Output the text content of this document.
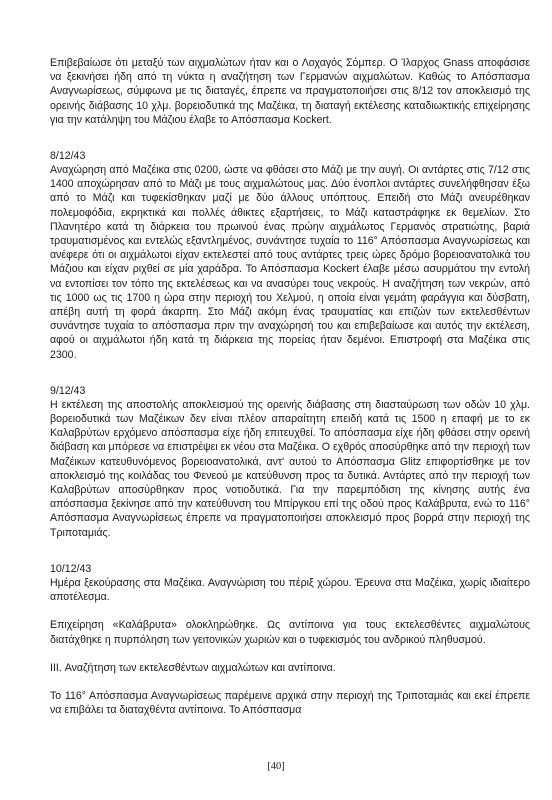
Επιβεβαίωσε ότι μεταξύ των αιχμαλώτων ήταν και ο Λοχαγός Σόμπερ. Ο Ίλαρχος Gnass αποφάσισε να ξεκινήσει ήδη από τη νύκτα η αναζήτηση των Γερμανών αιχμαλώτων. Καθώς το Απόσπασμα Αναγνωρίσεως, σύμφωνα με τις διαταγές, έπρεπε να πραγματοποιήσει στις 8/12 τον αποκλεισμό της ορεινής διάβασης 10 χλμ. βορειοδυτικά της Μαζέικα, τη διαταγή εκτέλεσης καταδιωκτικής επιχείρησης για την κατάληψη του Μάζιου έλαβε το Απόσπασμα Kockert.

8/12/43

Αναχώρηση από Μαζέικα στις 0200, ώστε να φθάσει στο Μάζι με την αυγή. Οι αντάρτες στις 7/12 στις 1400 αποχώρησαν από το Μάζι με τους αιχμαλώτους μας. Δύο ένοπλοι αντάρτες συνελήφθησαν έξω από το Μάζι και τυφεκίσθηκαν μαζί με δύο άλλους υπόπτους. Επειδή στο Μάζι ανευρέθηκαν πολεμοφόδια, εκρηκτικά και πολλές άθικτες εξαρτήσεις, το Μάζι καταστράφηκε εκ θεμελίων. Στο Πλανητέρο κατά τη διάρκεια του πρωινού ένας πρώην αιχμάλωτος Γερμανός στρατιώτης, βαριά τραυματισμένος και εντελώς εξαντλημένος, συνάντησε τυχαία το 116° Απόσπασμα Αναγνωρίσεως και ανέφερε ότι οι αιχμάλωτοι είχαν εκτελεστεί από τους αντάρτες τρεις ώρες δρόμο βορειοανατολικά του Μάζιου και είχαν ριχθεί σε μία χαράδρα. Το Απόσπασμα Kockert έλαβε μέσω ασυρμάτου την εντολή να εντοπίσει τον τόπο της εκτελέσεως και να ανασύρει τους νεκρούς. Η αναζήτηση των νεκρών, από τις 1000 ως τις 1700 η ώρα στην περιοχή του Χελμού, η οποία είναι γεμάτη φαράγγια και δύσβατη, απέβη αυτή τη φορά άκαρπη. Στο Μάζι ακόμη ένας τραυματίας και επιζών των εκτελεσθέντων συνάντησε τυχαία το απόσπασμα πριν την αναχώρησή του και επιβεβαίωσε και αυτός την εκτέλεση, αφού οι αιχμάλωτοι ήδη κατά τη διάρκεια της πορείας ήταν δεμένοι. Επιστροφή στα Μαζέικα στις 2300.

9/12/43

Η εκτέλεση της αποστολής αποκλεισμού της ορεινής διάβασης στη διασταύρωση των οδών 10 χλμ. βορειοδυτικά των Μαζέικων δεν είναι πλέον απαραίτητη επειδή κατά τις 1500 η επαφή με το εκ Καλαβρύτων ερχόμενο απόσπασμα είχε ήδη επιτευχθεί. Το απόσπασμα είχε ήδη φθάσει στην ορεινή διάβαση και μπόρεσε να επιστρέψει εκ νέου στα Μαζέικα. Ο εχθρός αποσύρθηκε από την περιοχή των Μαζέικων κατευθυνόμενος βορειοανατολικά, αντ' αυτού το Απόσπασμα Glitz επιφορτίσθηκε με τον αποκλεισμό της κοιλάδας του Φενεού με κατεύθυνση προς τα δυτικά. Αντάρτες από την περιοχή των Καλαβρύτων αποσύρθηκαν προς νοτιοδυτικά. Για την παρεμπόδιση της κίνησης αυτής ένα απόσπασμα ξεκίνησε από την κατεύθυνση του Μπίργκου επί της οδού προς Καλάβρυτα, ενώ το 116° Απόσπασμα Αναγνωρίσεως έπρεπε να πραγματοποιήσει αποκλεισμό προς βορρά στην περιοχή της Τριποταμιάς.

10/12/43

Ημέρα ξεκούρασης στα Μαζέικα. Αναγνώριση του πέριξ χώρου. Έρευνα στα Μαζέικα, χωρίς ιδιαίτερο αποτέλεσμα.

Επιχείρηση «Καλάβρυτα» ολοκληρώθηκε. Ως αντίποινα για τους εκτελεσθέντες αιχμαλώτους διατάχθηκε η πυρπόληση των γειτονικών χωριών και ο τυφεκισμός του ανδρικού πληθυσμού.

III. Αναζήτηση των εκτελεσθέντων αιχμαλώτων και αντίποινα.

Το 116° Απόσπασμα Αναγνωρίσεως παρέμεινε αρχικά στην περιοχή της Τριποταμιάς και εκεί έπρεπε να επιβάλει τα διαταχθέντα αντίποινα. Το Απόσπασμα

[40]
